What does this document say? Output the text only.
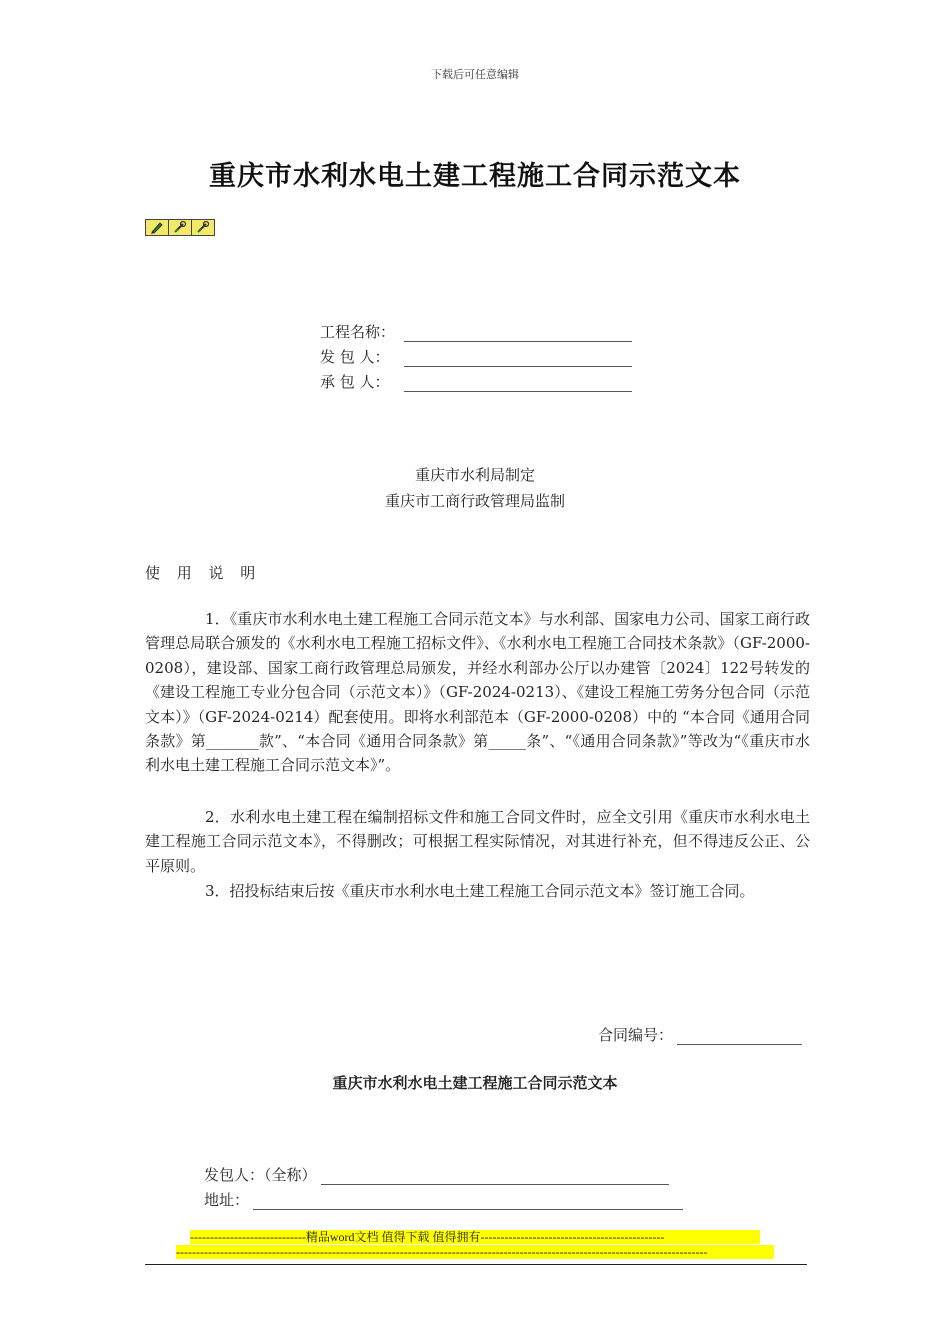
下载后可任意编辑
重庆市水利水电土建工程施工合同示范文本
工程名称：
发 包 人：
承 包 人：
重庆市水利局制定
重庆市工商行政管理局监制
使 用 说 明
1．《重庆市水利水电土建工程施工合同示范文本》与水利部、国家电力公司、国家工商行政管理总局联合颁发的《水利水电工程施工招标文件》、《水利水电工程施工合同技术条款》（GF-2000-0208），建设部、国家工商行政管理总局颁发，并经水利部办公厅以办建管〔2024〕122号转发的《建设工程施工专业分包合同（示范文本）》（GF-2024-0213）、《建设工程施工劳务分包合同（示范文本）》（GF-2024-0214）配套使用。即将水利部范本（GF-2000-0208）中的 “本合同《通用合同条款》第_______款”、“本合同《通用合同条款》第_____条”、“《通用合同条款》”等改为“《重庆市水利水电土建工程施工合同示范文本》”。
2．水利水电土建工程在编制招标文件和施工合同文件时，应全文引用《重庆市水利水电土建工程施工合同示范文本》，不得删改；可根据工程实际情况，对其进行补充，但不得违反公正、公平原则。
3．招投标结束后按《重庆市水利水电土建工程施工合同示范文本》签订施工合同。
合同编号：
重庆市水利水电土建工程施工合同示范文本
发包人：（全称）
地址：
-----------------------------精品word文档 值得下载 值得拥有----------------------------------------------
-------------------------------------------------------------------------------------------------------------------------------------
